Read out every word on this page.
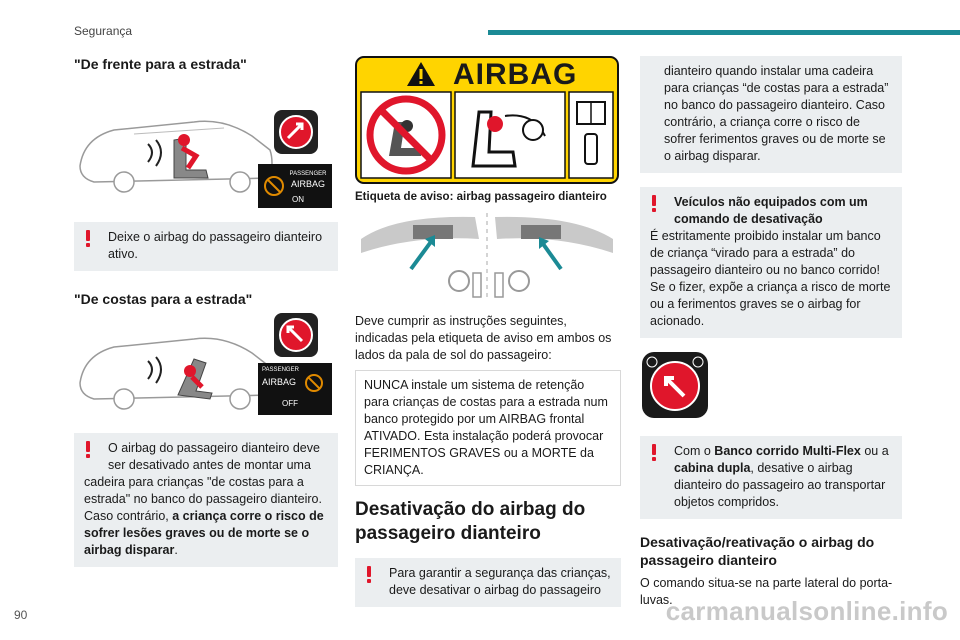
Segurança
90	carmanualsonline.info
"De frente para a estrada"
PASSENGER
AIRBAG
ON
Deixe o airbag do passageiro dianteiro ativo.
"De costas para a estrada"
PASSENGER
AIRBAG
OFF
O airbag do passageiro dianteiro deve ser desativado antes de montar uma

cadeira para crianças "de costas para a estrada" no banco do passageiro dianteiro. Caso contrário, a criança corre o risco de sofrer lesões graves ou de morte se o airbag disparar.

AIRBAG
Etiqueta de aviso: airbag passageiro dianteiro

Deve cumprir as instruções seguintes, indicadas pela etiqueta de aviso em ambos os lados da pala de sol do passageiro:

NUNCA instale um sistema de retenção para crianças de costas para a estrada num banco protegido por um AIRBAG frontal ATIVADO. Esta instalação poderá provocar FERIMENTOS GRAVES ou a MORTE da CRIANÇA.
Desativação do airbag do passageiro dianteiro
Para garantir a segurança das crianças, deve desativar o airbag do passageiro

dianteiro quando instalar uma cadeira para crianças “de costas para a estrada” no banco do passageiro dianteiro. Caso contrário, a criança corre o risco de sofrer ferimentos graves ou de morte se o airbag disparar.

Veículos não equipados com um comando de desativação

É estritamente proibido instalar um banco de criança “virado para a estrada” do passageiro dianteiro ou no banco corrido! Se o fizer, expõe a criança a risco de morte ou a ferimentos graves se o airbag for acionado.

Com o Banco corrido Multi-Flex ou a cabina dupla, desative o airbag dianteiro do passageiro ao transportar objetos compridos.

Desativação/reativação o airbag do passageiro dianteiro

O comando situa-se na parte lateral do porta-luvas.
